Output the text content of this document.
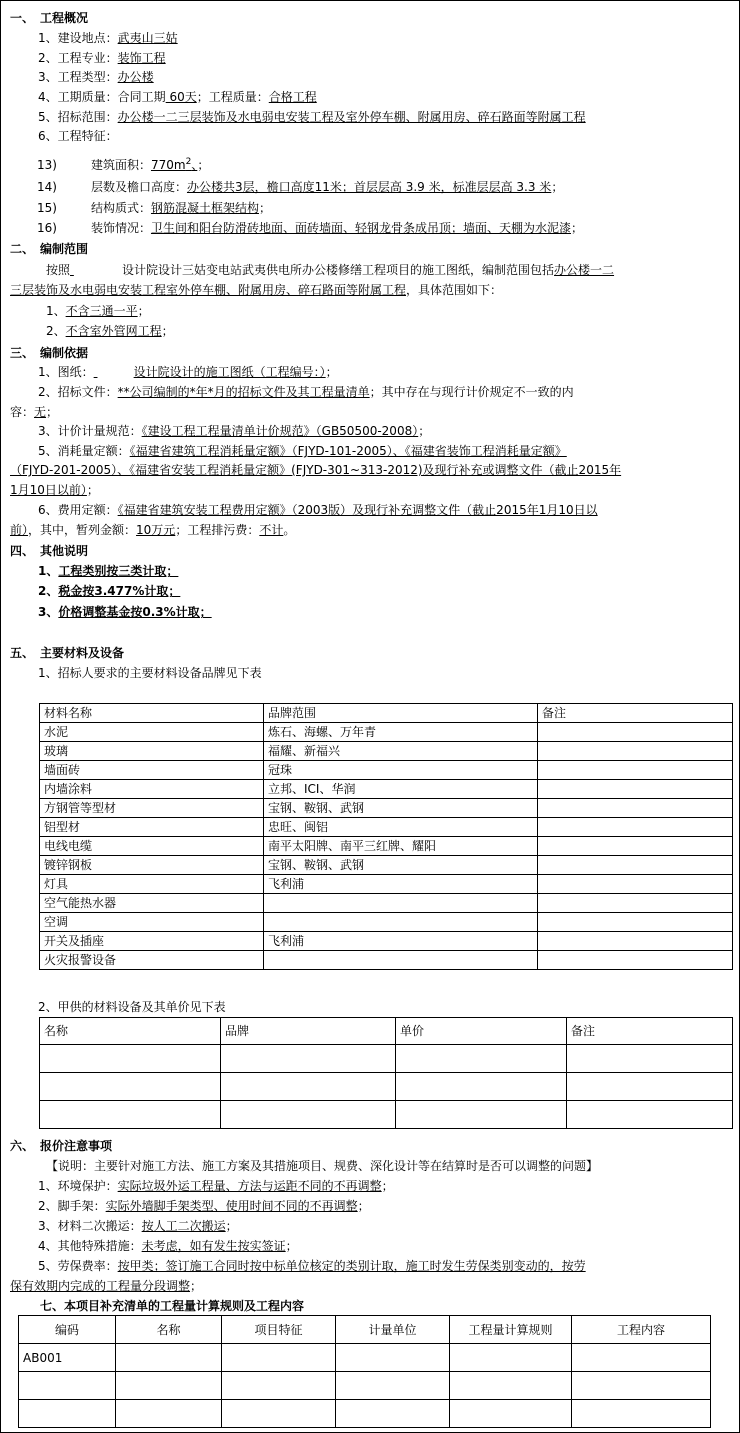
一、　工程概况
1、建设地点：武夷山三姑
2、工程专业：装饰工程
3、工程类型：办公楼
4、工期质量：合同工期 60天；工程质量：合格工程
5、招标范围：办公楼一二三层装饰及水电弱电安装工程及室外停车棚、附属用房、碎石路面等附属工程
6、工程特征：
13)	建筑面积：$770m^2$、；
14)	层数及檐口高度：办公楼共3层，檐口高度11米；首层层高 3.9 米，标准层层高 3.3 米；
15)	结构质式：钢筋混凝土框架结构；
16)	装饰情况：卫生间和阳台防滑砖地面、面砖墙面、轻钢龙骨条成吊顶；墙面、天棚为水泥漆；
二、　编制范围
按照	设计院设计三姑变电站武夷供电所办公楼修缮工程项目的施工图纸，编制范围包括办公楼一二
三层装饰及水电弱电安装工程室外停车棚、附属用房、碎石路面等附属工程，具体范围如下：
1、不含三通一平；
2、不含室外管网工程；
三、　编制依据
1、图纸：	设计院设计的施工图纸（工程编号：）；
2、招标文件：**公司编制的*年*月的招标文件及其工程量清单；其中存在与现行计价规定不一致的内
容：无；
3、计价计量规范：《建设工程工程量清单计价规范》（GB50500-2008）；
5、消耗量定额：《福建省建筑工程消耗量定额》（FJYD-101-2005）、《福建省装饰工程消耗量定额》
（FJYD-201-2005）、《福建省安装工程消耗量定额》(FJYD-301~313-2012)及现行补充或调整文件（截止2015年
1月10日以前）；
6、费用定额：《福建省建筑安装工程费用定额》（2003版）及现行补充调整文件（截止2015年1月10日以
前），其中，暂列金额：10万元；工程排污费：不计。
四、　其他说明
1、工程类别按三类计取；
2、税金按3.477%计取；
3、价格调整基金按0.3%计取；
五、　主要材料及设备
1、招标人要求的主要材料设备品牌见下表
材料名称	品牌范围	备注
水泥	炼石、海螺、万年青	
玻璃	福耀、新福兴	
墙面砖	冠珠	
内墙涂料	立邦、ICI、华润	
方钢管等型材	宝钢、鞍钢、武钢	
铝型材	忠旺、闽铝	
电线电缆	南平太阳牌、南平三红牌、耀阳	
镀锌钢板	宝钢、鞍钢、武钢	
灯具	飞利浦	
空气能热水器		
空调		
开关及插座	飞利浦	
火灾报警设备		
2、甲供的材料设备及其单价见下表
名称	品牌	单价	备注

六、　报价注意事项
【说明：主要针对施工方法、施工方案及其措施项目、规费、深化设计等在结算时是否可以调整的问题】
1、环境保护：实际垃圾外运工程量、方法与运距不同的不再调整；
2、脚手架：实际外墙脚手架类型、使用时间不同的不再调整；
3、材料二次搬运：按人工二次搬运；
4、其他特殊措施：未考虑，如有发生按实签证；
5、劳保费率：按甲类；签订施工合同时按中标单位核定的类别计取，施工时发生劳保类别变动的，按劳
保有效期内完成的工程量分段调整；
七、本项目补充清单的工程量计算规则及工程内容
编码	名称	项目特征	计量单位	工程量计算规则	工程内容
AB001					
